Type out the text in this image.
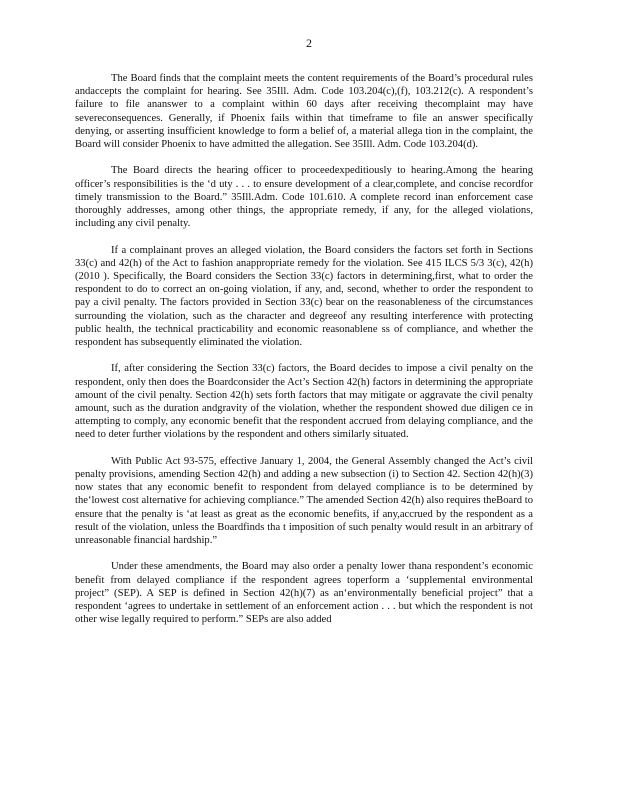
2

The Board finds that the complaint meets the content requirements of the Board’s procedural rules andaccepts the complaint for hearing. See 35Ill. Adm. Code 103.204(c),(f), 103.212(c). A respondent’s failure to file ananswer to a complaint within 60 days after receiving thecomplaint may have severeconsequences. Generally, if Phoenix fails within that timeframe to file an answer specifically denying, or asserting insufficient knowledge to form a belief of, a material allega tion in the complaint, the Board will consider Phoenix to have admitted the allegation. See 35Ill. Adm. Code 103.204(d).

The Board directs the hearing officer to proceedexpeditiously to hearing.Among the hearing officer’s responsibilities is the ‘d uty . . . to ensure development of a clear,complete, and concise recordfor timely transmission to the Board.” 35Ill.Adm. Code 101.610. A complete record inan enforcement case thoroughly addresses, among other things, the appropriate remedy, if any, for the alleged violations, including any civil penalty.

If a complainant proves an alleged violation, the Board considers the factors set forth in Sections 33(c) and 42(h) of the Act to fashion anappropriate remedy for the violation. See 415 ILCS 5/3 3(c), 42(h) (2010 ). Specifically, the Board considers the Section 33(c) factors in determining,first, what to order the respondent to do to correct an on-going violation, if any, and, second, whether to order the respondent to pay a civil penalty. The factors provided in Section 33(c) bear on the reasonableness of the circumstances surrounding the violation, such as the character and degreeof any resulting interference with protecting public health, the technical practicability and economic reasonablene ss of compliance, and whether the respondent has subsequently eliminated the violation.

If, after considering the Section 33(c) factors, the Board decides to impose a civil penalty on the respondent, only then does the Boardconsider the Act’s Section 42(h) factors in determining the appropriate amount of the civil penalty. Section 42(h) sets forth factors that may mitigate or aggravate the civil penalty amount, such as the duration andgravity of the violation, whether the respondent showed due diligen ce in attempting to comply, any economic benefit that the respondent accrued from delaying compliance, and the need to deter further violations by the respondent and others similarly situated.

With Public Act 93-575, effective January 1, 2004, the General Assembly changed the Act’s civil penalty provisions, amending Section 42(h) and adding a new subsection (i) to Section 42. Section 42(h)(3) now states that any economic benefit to respondent from delayed compliance is to be determined by the‘lowest cost alternative for achieving compliance.” The amended Section 42(h) also requires theBoard to ensure that the penalty is ‘at least as great as the economic benefits, if any,accrued by the respondent as a result of the violation, unless the Boardfinds tha t imposition of such penalty would result in an arbitrary of unreasonable financial hardship.”

Under these amendments, the Board may also order a penalty lower thana respondent’s economic benefit from delayed compliance if the respondent agrees toperform a ‘supplemental environmental project” (SEP). A SEP is defined in Section 42(h)(7) as an‘environmentally beneficial project” that a respondent ‘agrees to undertake in settlement of an enforcement action . . . but which the respondent is not other wise legally required to perform.” SEPs are also added
